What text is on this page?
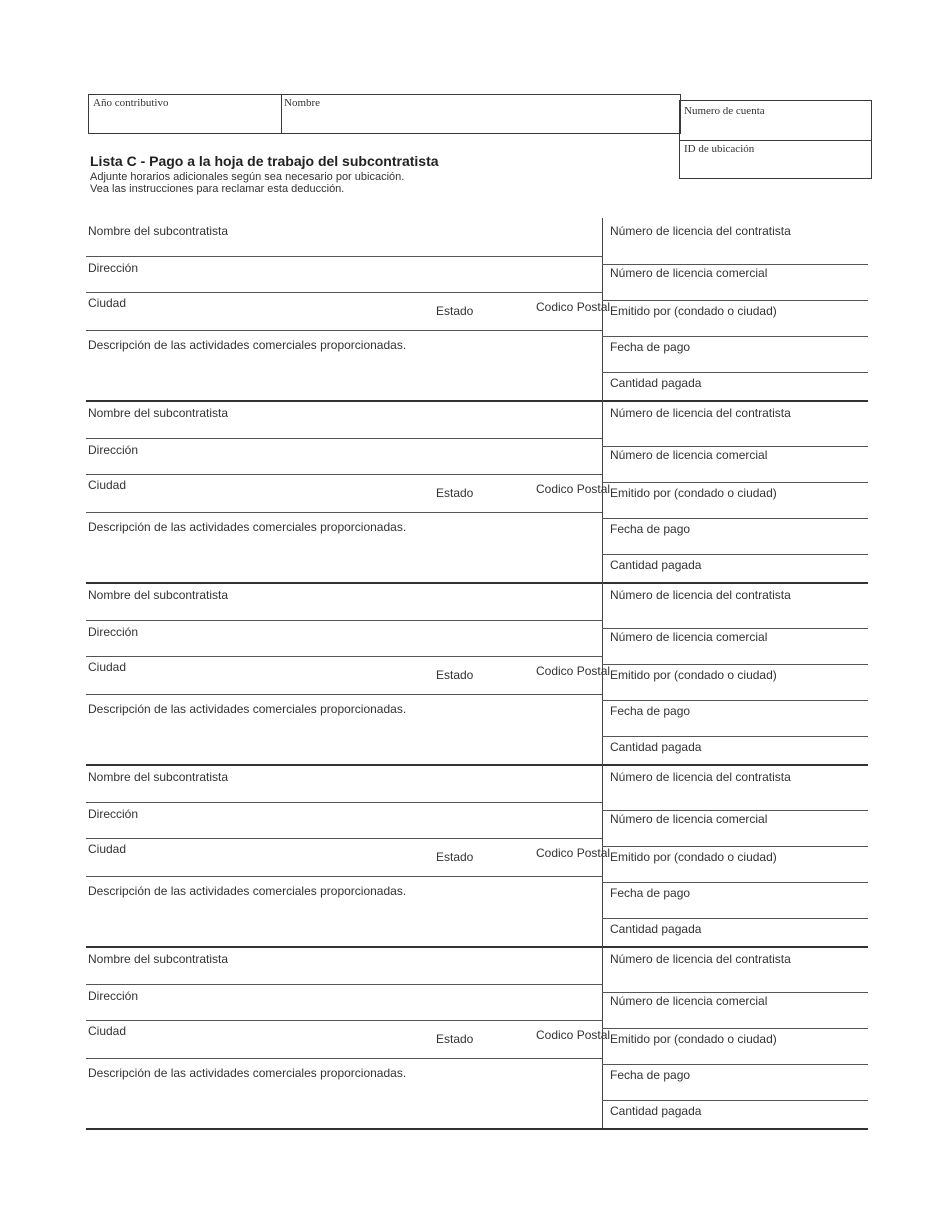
Año contributivo	Nombre
Numero de cuenta
ID de ubicación
Lista C - Pago a la hoja de trabajo del subcontratista
Adjunte horarios adicionales según sea necesario por ubicación.
Vea las instrucciones para reclamar esta deducción.
Nombre del subcontratista
Dirección
Ciudad
Estado	Codico Postal
Descripción de las actividades comerciales proporcionadas.
Número de licencia del contratista
Número de licencia comercial
Emitido por (condado o ciudad)
Fecha de pago
Cantidad pagada
Nombre del subcontratista
Dirección
Ciudad
Estado	Codico Postal
Descripción de las actividades comerciales proporcionadas.
Número de licencia del contratista
Número de licencia comercial
Emitido por (condado o ciudad)
Fecha de pago
Cantidad pagada
Nombre del subcontratista
Dirección
Ciudad
Estado	Codico Postal
Descripción de las actividades comerciales proporcionadas.
Número de licencia del contratista
Número de licencia comercial
Emitido por (condado o ciudad)
Fecha de pago
Cantidad pagada
Nombre del subcontratista
Dirección
Ciudad
Estado	Codico Postal
Descripción de las actividades comerciales proporcionadas.
Número de licencia del contratista
Número de licencia comercial
Emitido por (condado o ciudad)
Fecha de pago
Cantidad pagada
Nombre del subcontratista
Dirección
Ciudad
Estado	Codico Postal
Descripción de las actividades comerciales proporcionadas.
Número de licencia del contratista
Número de licencia comercial
Emitido por (condado o ciudad)
Fecha de pago
Cantidad pagada
